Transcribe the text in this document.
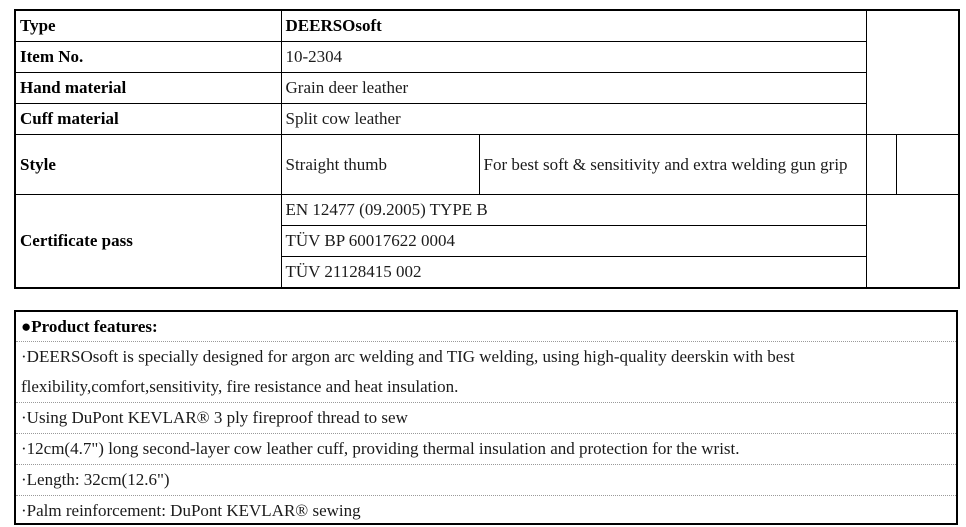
Type	DEERSOsoft			
Item No.	10-2304			
Hand material	Grain deer leather			
Cuff material	Split cow leather			
Style	Straight thumb	For best soft & sensitivity and extra welding gun grip		
Certificate pass	EN 12477 (09.2005) TYPE B			
	TÜV BP 60017622 0004			
	TÜV 21128415 002			
●Product features:
·DEERSOsoft is specially designed for argon arc welding and TIG welding, using high-quality deerskin with best flexibility,comfort,sensitivity, fire resistance and heat insulation.
·Using DuPont KEVLAR® 3 ply fireproof thread to sew
·12cm(4.7") long second-layer cow leather cuff, providing thermal insulation and protection for the wrist.
·Length: 32cm(12.6")
·Palm reinforcement: DuPont KEVLAR® sewing
